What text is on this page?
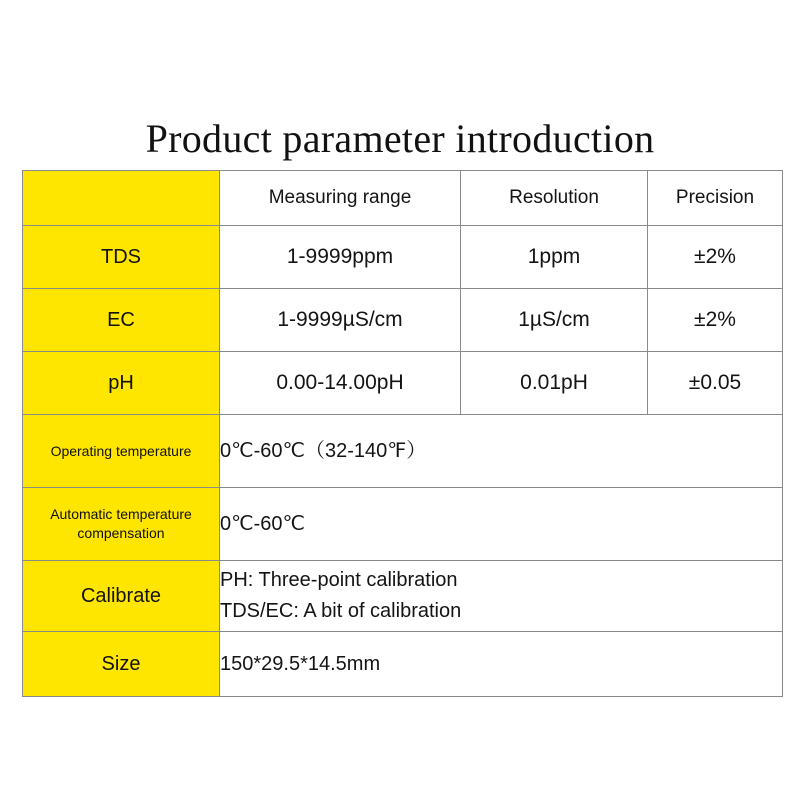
Product parameter introduction
	Measuring range	Resolution	Precision
TDS	1-9999ppm	1ppm	±2%
EC	1-9999µS/cm	1µS/cm	±2%
pH	0.00-14.00pH	0.01pH	±0.05
Operating temperature	0℃-60℃（32-140℉）		

Automatic temperature compensation	0℃-60℃		

Calibrate	PH: Three-point calibration
TDS/EC: A bit of calibration		

Size	150*29.5*14.5mm		
